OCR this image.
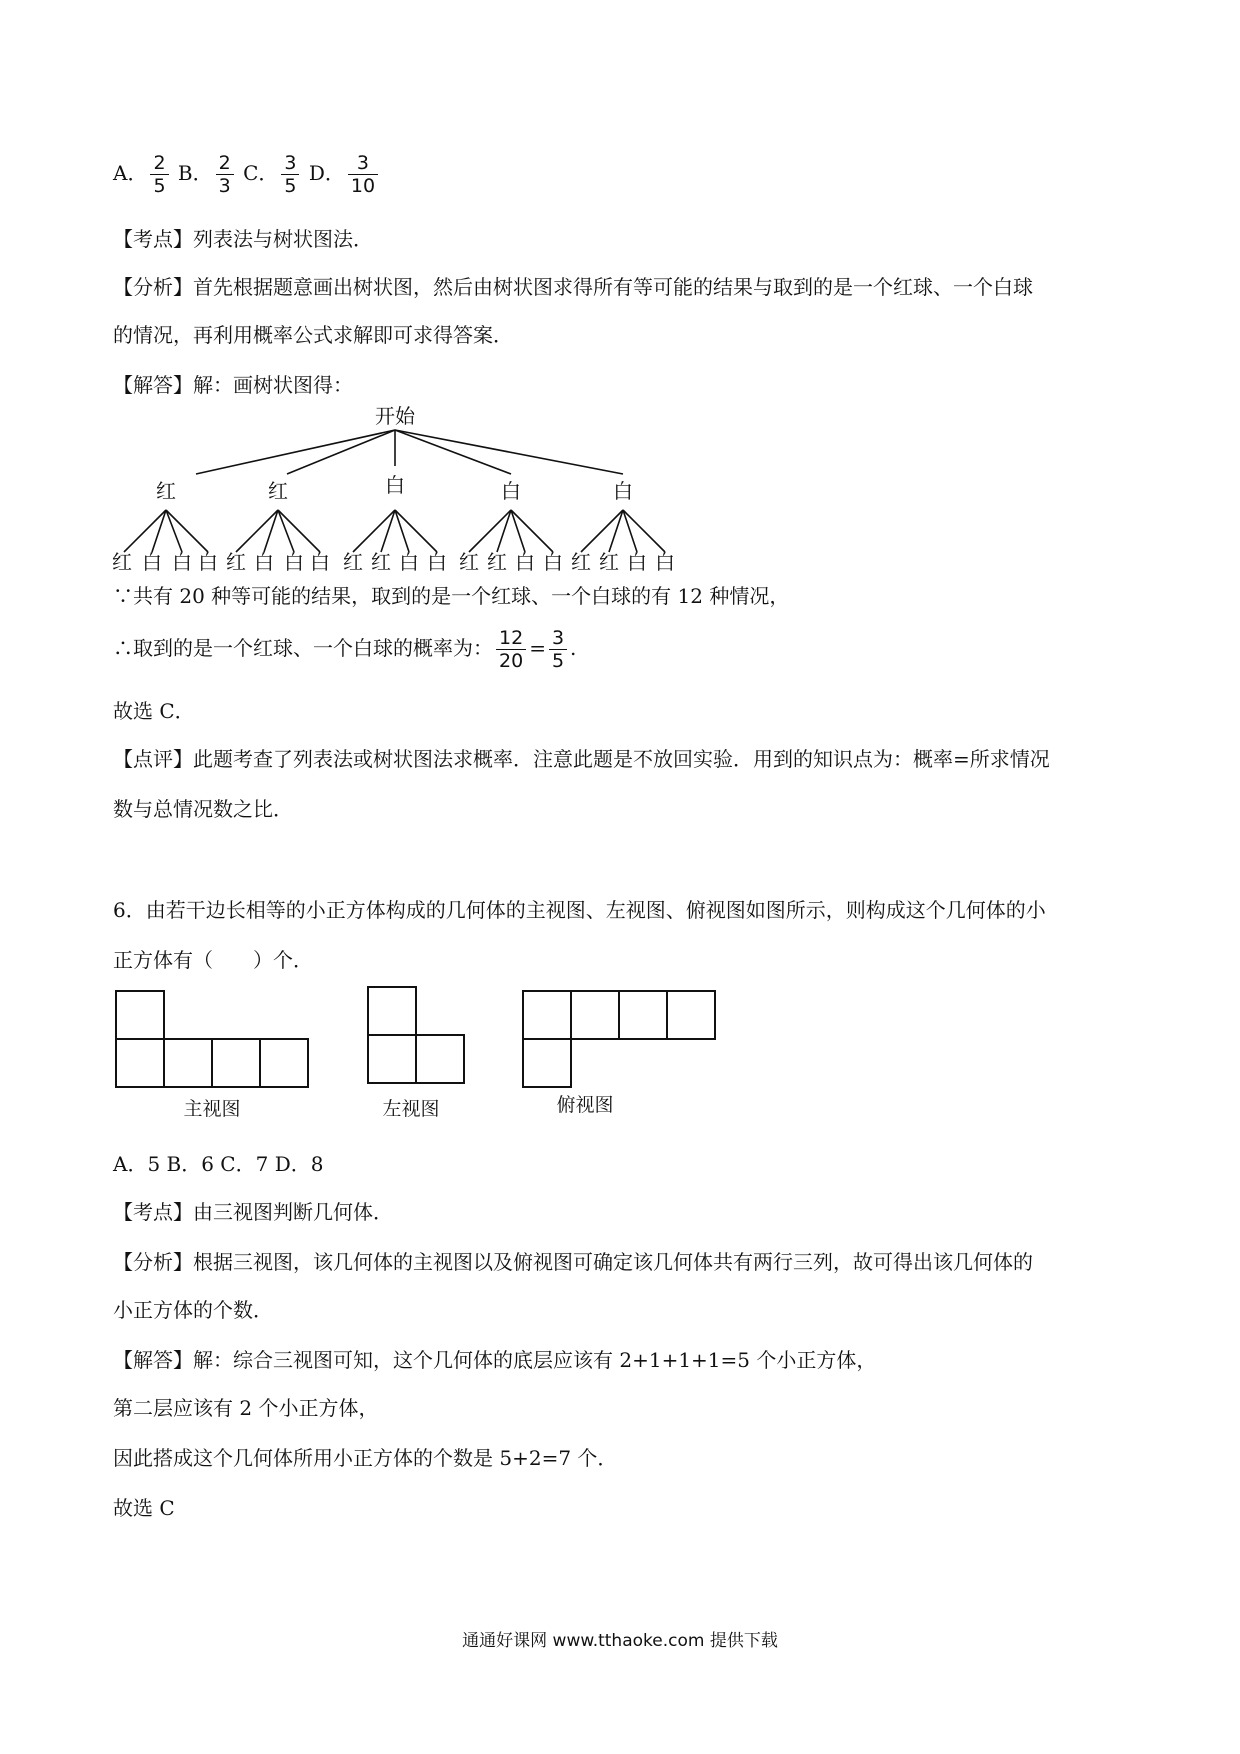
A． $\frac{2}{5}$ B． $\frac{2}{3}$ C． $\frac{3}{5}$ D． $\frac{3}{10}$
【考点】列表法与树状图法．
【分析】首先根据题意画出树状图，然后由树状图求得所有等可能的结果与取到的是一个红球、一个白球
的情况，再利用概率公式求解即可求得答案．
【解答】解：画树状图得：
开始
红	红	白	白	白
红 白 白 白 红 白 白 白 红 红 白 白 红 红 白 白 红 红 白 白
∵共有 20 种等可能的结果，取到的是一个红球、一个白球的有 12 种情况，
∴取到的是一个红球、一个白球的概率为： $\frac{12}{20} = \frac{3}{5}$ .
故选 C．
【点评】此题考查了列表法或树状图法求概率．注意此题是不放回实验．用到的知识点为：概率=所求情况
数与总情况数之比．
6．由若干边长相等的小正方体构成的几何体的主视图、左视图、俯视图如图所示，则构成这个几何体的小
正方体有（　　）个．
主视图	左视图	俯视图
A．5 B．6 C．7 D．8
【考点】由三视图判断几何体．
【分析】根据三视图，该几何体的主视图以及俯视图可确定该几何体共有两行三列，故可得出该几何体的
小正方体的个数．
【解答】解：综合三视图可知，这个几何体的底层应该有 2+1+1+1=5 个小正方体，
第二层应该有 2 个小正方体，
因此搭成这个几何体所用小正方体的个数是 5+2=7 个．
故选 C
通通好课网 www.tthaoke.com 提供下载
